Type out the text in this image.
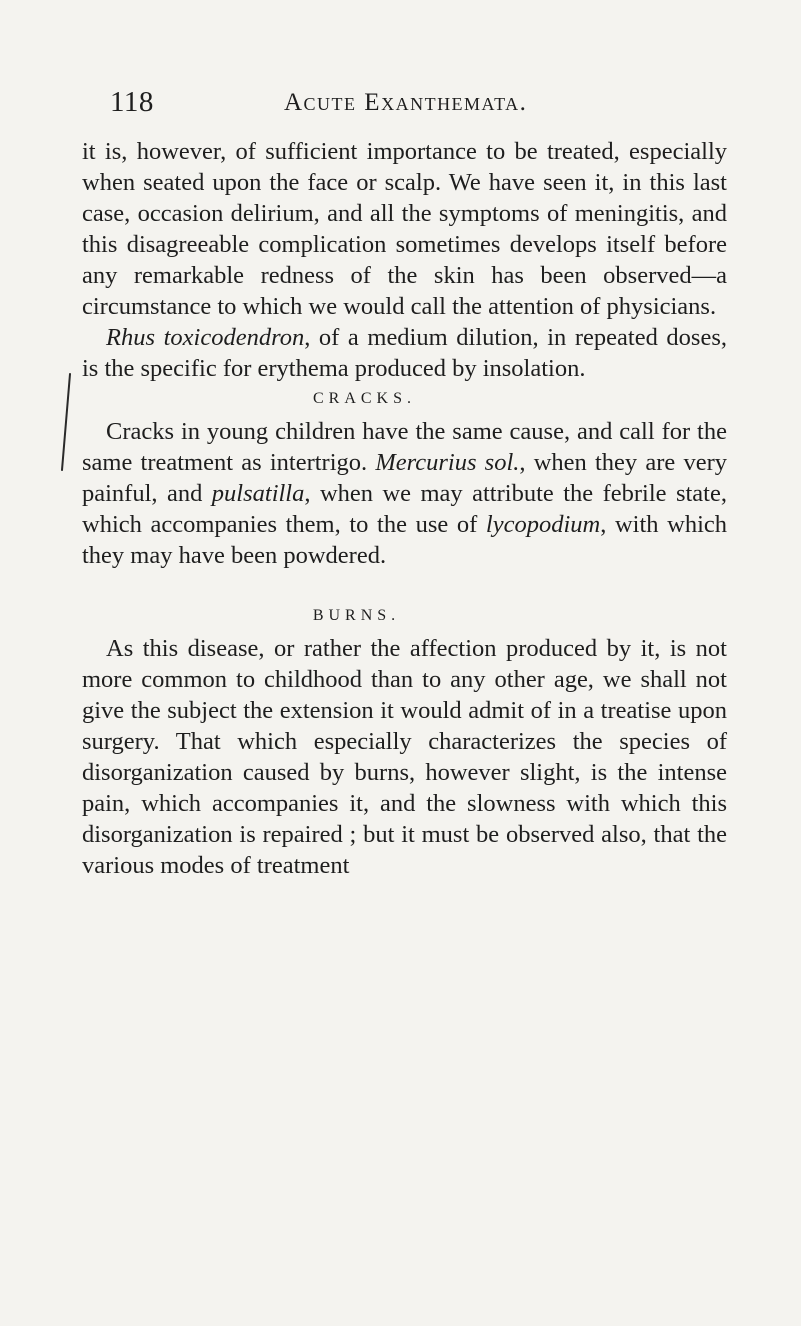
118	Acute Exanthemata.

it is, however, of sufficient importance to be treated, especially when seated upon the face or scalp. We have seen it, in this last case, occasion delirium, and all the symptoms of meningitis, and this disagreeable complication sometimes develops itself before any remarkable redness of the skin has been observed—a circumstance to which we would call the attention of physicians.

Rhus toxicodendron, of a medium dilution, in repeated doses, is the specific for erythema produced by insolation.

CRACKS.

Cracks in young children have the same cause, and call for the same treatment as intertrigo. Mercurius sol., when they are very painful, and pulsatilla, when we may attribute the febrile state, which accompanies them, to the use of lycopodium, with which they may have been powdered.

BURNS.

As this disease, or rather the affection produced by it, is not more common to childhood than to any other age, we shall not give the subject the extension it would admit of in a treatise upon surgery. That which especially characterizes the species of disorganization caused by burns, however slight, is the intense pain, which accompanies it, and the slowness with which this disorganization is repaired ; but it must be observed also, that the various modes of treatment
